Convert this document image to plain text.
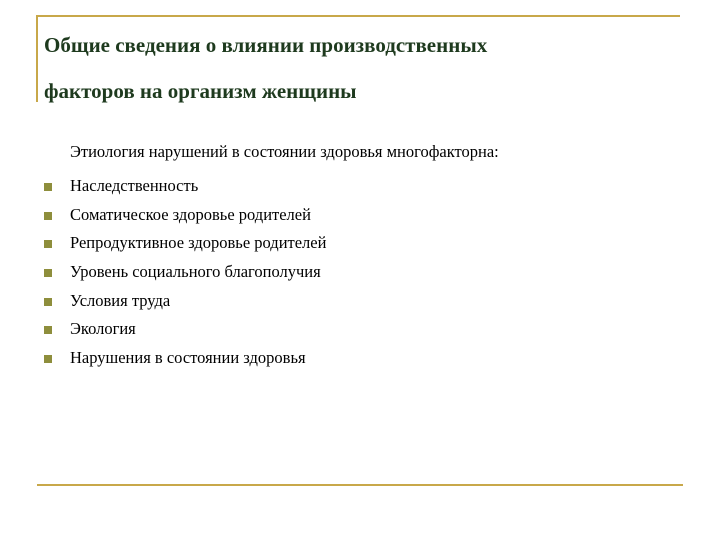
Общие сведения о влиянии производственных
факторов на организм женщины

Этиология нарушений в состоянии здоровья многофакторна:

Наследственность
Соматическое здоровье родителей
Репродуктивное здоровье родителей
Уровень социального благополучия
Условия труда
Экология
Нарушения в состоянии здоровья
